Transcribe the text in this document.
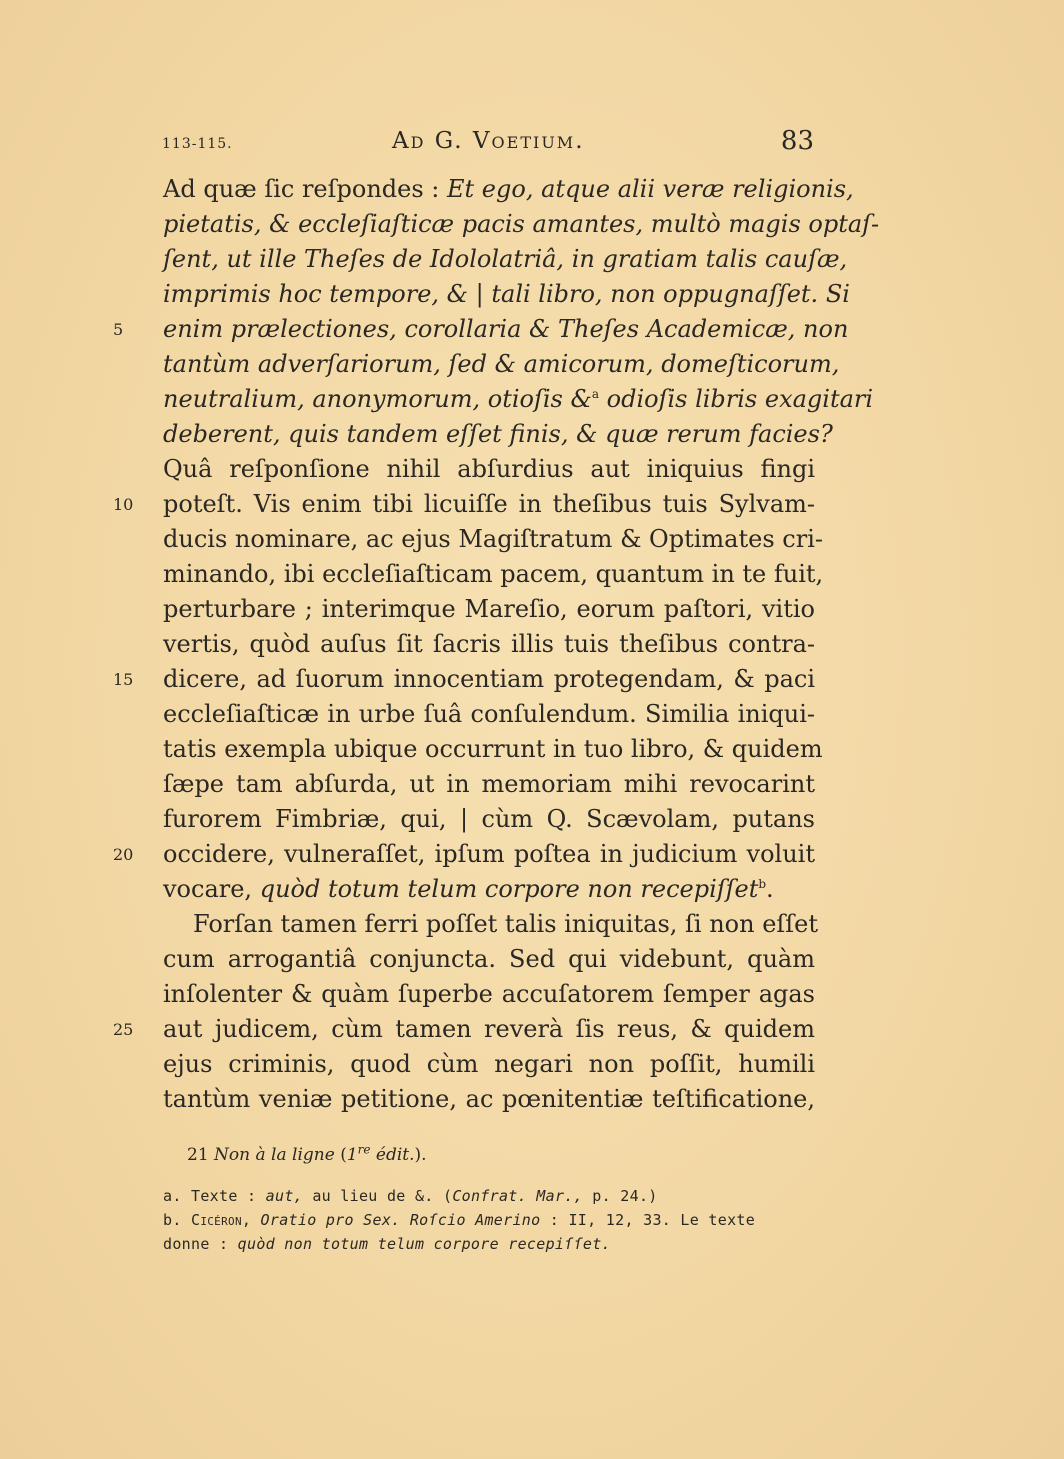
113-115.	Ad G. Voetium.	83
Ad quæ ſic reſpondes : Et ego, atque alii veræ religionis,
pietatis, & eccleſiaſticæ pacis amantes, multò magis optaſ-
ſent, ut ille Theſes de Idololatriâ, in gratiam talis cauſæ,
imprimis hoc tempore, & | tali libro, non oppugnaſſet. Si
5	enim prælectiones, corollaria & Theſes Academicæ, non
tantùm adverſariorum, ſed & amicorum, domeſticorum,
neutralium, anonymorum, otioſis &$^a$ odioſis libris exagitari
deberent, quis tandem eſſet finis, & quæ rerum facies?
Quâ reſponſione nihil abſurdius aut iniquius fingi
10	poteſt. Vis enim tibi licuiſſe in theſibus tuis Sylvam-
ducis nominare, ac ejus Magiſtratum & Optimates cri-
minando, ibi eccleſiaſticam pacem, quantum in te fuit,
perturbare ; interimque Mareſio, eorum paſtori, vitio
vertis, quòd auſus ſit ſacris illis tuis theſibus contra-
15	dicere, ad ſuorum innocentiam protegendam, & paci
eccleſiaſticæ in urbe ſuâ conſulendum. Similia iniqui-
tatis exempla ubique occurrunt in tuo libro, & quidem
ſæpe tam abſurda, ut in memoriam mihi revocarint
furorem Fimbriæ, qui, | cùm Q. Scævolam, putans
20	occidere, vulneraſſet, ipſum poſtea in judicium voluit
vocare, quòd totum telum corpore non recepiſſet$^b$.
Forſan tamen ferri poſſet talis iniquitas, ſi non eſſet
cum arrogantiâ conjuncta. Sed qui videbunt, quàm
inſolenter & quàm ſuperbe accuſatorem ſemper agas
25	aut judicem, cùm tamen reverà ſis reus, & quidem
ejus criminis, quod cùm negari non poſſit, humili
tantùm veniæ petitione, ac pœnitentiæ teſtificatione,
21 Non à la ligne (1re édit.).
a. Texte : aut, au lieu de &. (Confrat. Mar., p. 24.)
b. Cicéron, Oratio pro Sex. Roſcio Amerino : II, 12, 33. Le texte
donne : quòd non totum telum corpore recepiſſet.
